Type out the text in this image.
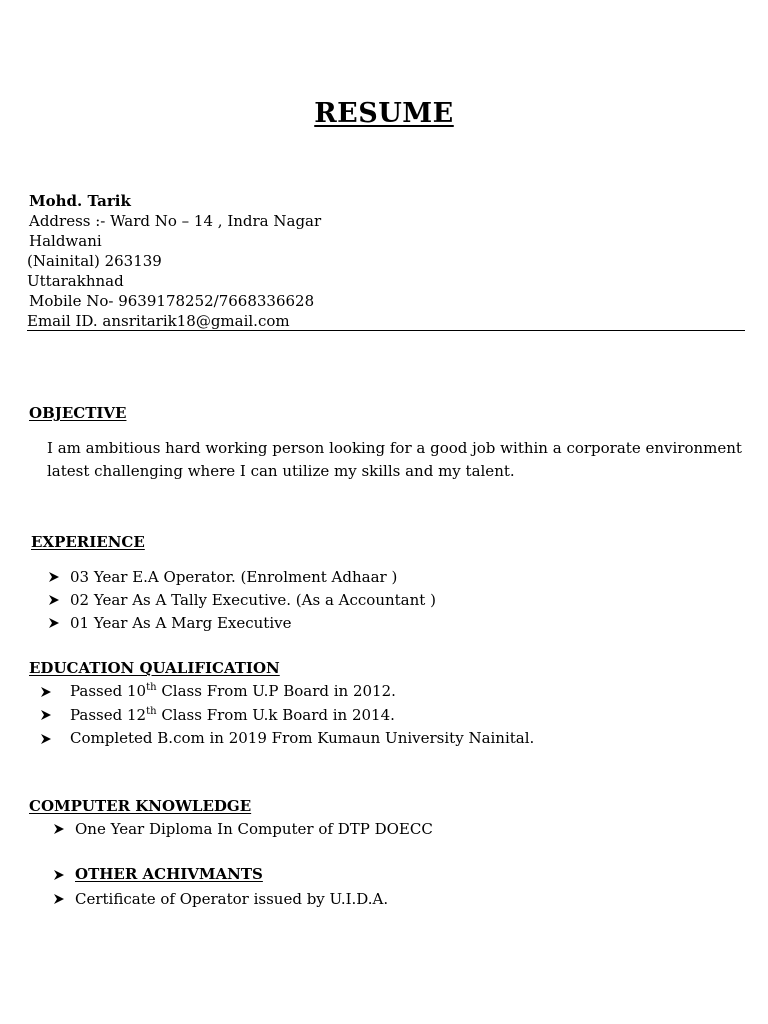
RESUME
Mohd. Tarik
Address :- Ward No – 14 , Indra Nagar
Haldwani
(Nainital) 263139
Uttarakhnad
Mobile No- 9639178252/7668336628
Email ID. ansritarik18@gmail.com
OBJECTIVE
I am ambitious hard working person looking for a good job within a corporate environment
latest challenging where I can utilize my skills and my talent.
EXPERIENCE
03 Year E.A Operator. (Enrolment Adhaar )
02 Year As A Tally Executive. (As a Accountant )
01 Year As A Marg Executive
EDUCATION QUALIFICATION
Passed 10th Class From U.P Board in 2012.
Passed 12th Class From U.k Board in 2014.
Completed B.com in 2019 From Kumaun University Nainital.
COMPUTER KNOWLEDGE
One Year Diploma In Computer of DTP DOECC
OTHER ACHIVMANTS
Certificate of Operator issued by U.I.D.A.
